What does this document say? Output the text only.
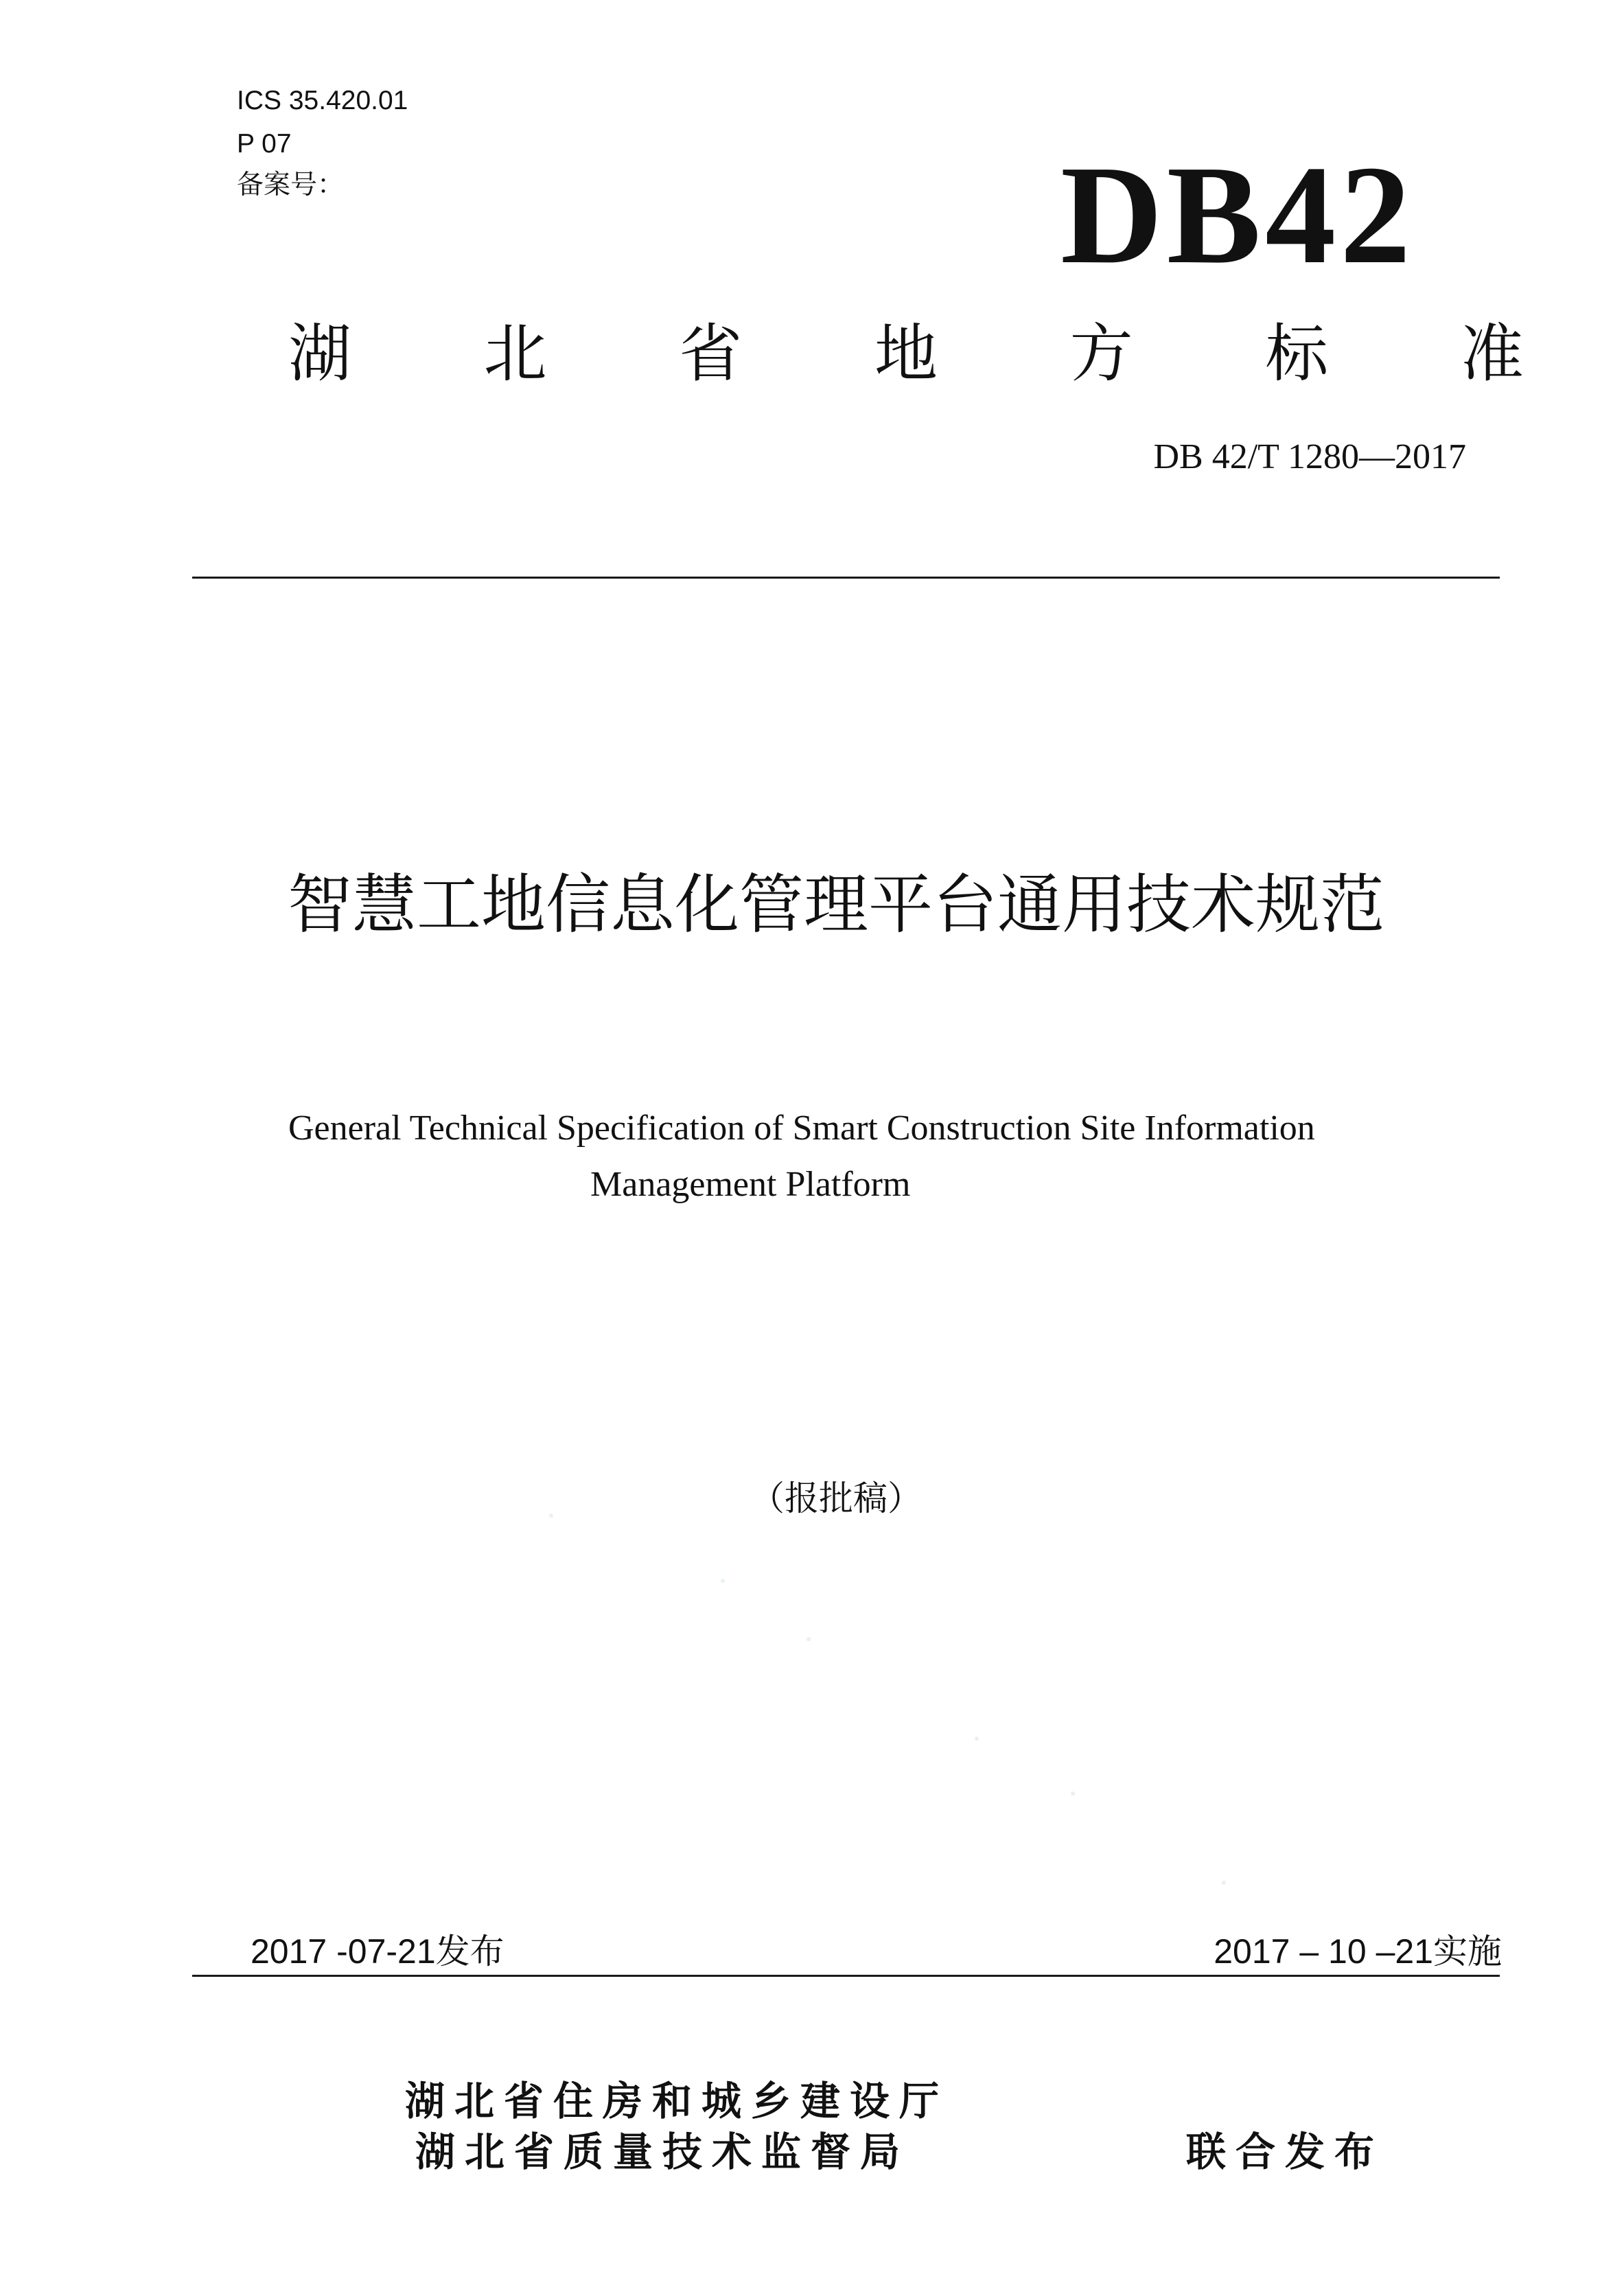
ICS 35.420.01
P 07
备案号：	DB42
湖 北 省 地 方 标 准
DB 42/T 1280—2017
智慧工地信息化管理平台通用技术规范
General Technical Specification of Smart Construction Site Information
Management Platform
（报批稿）
2017 -07-21发布	2017 – 10 –21实施
湖北省住房和城乡建设厅
湖北省质量技术监督局	联合发布
